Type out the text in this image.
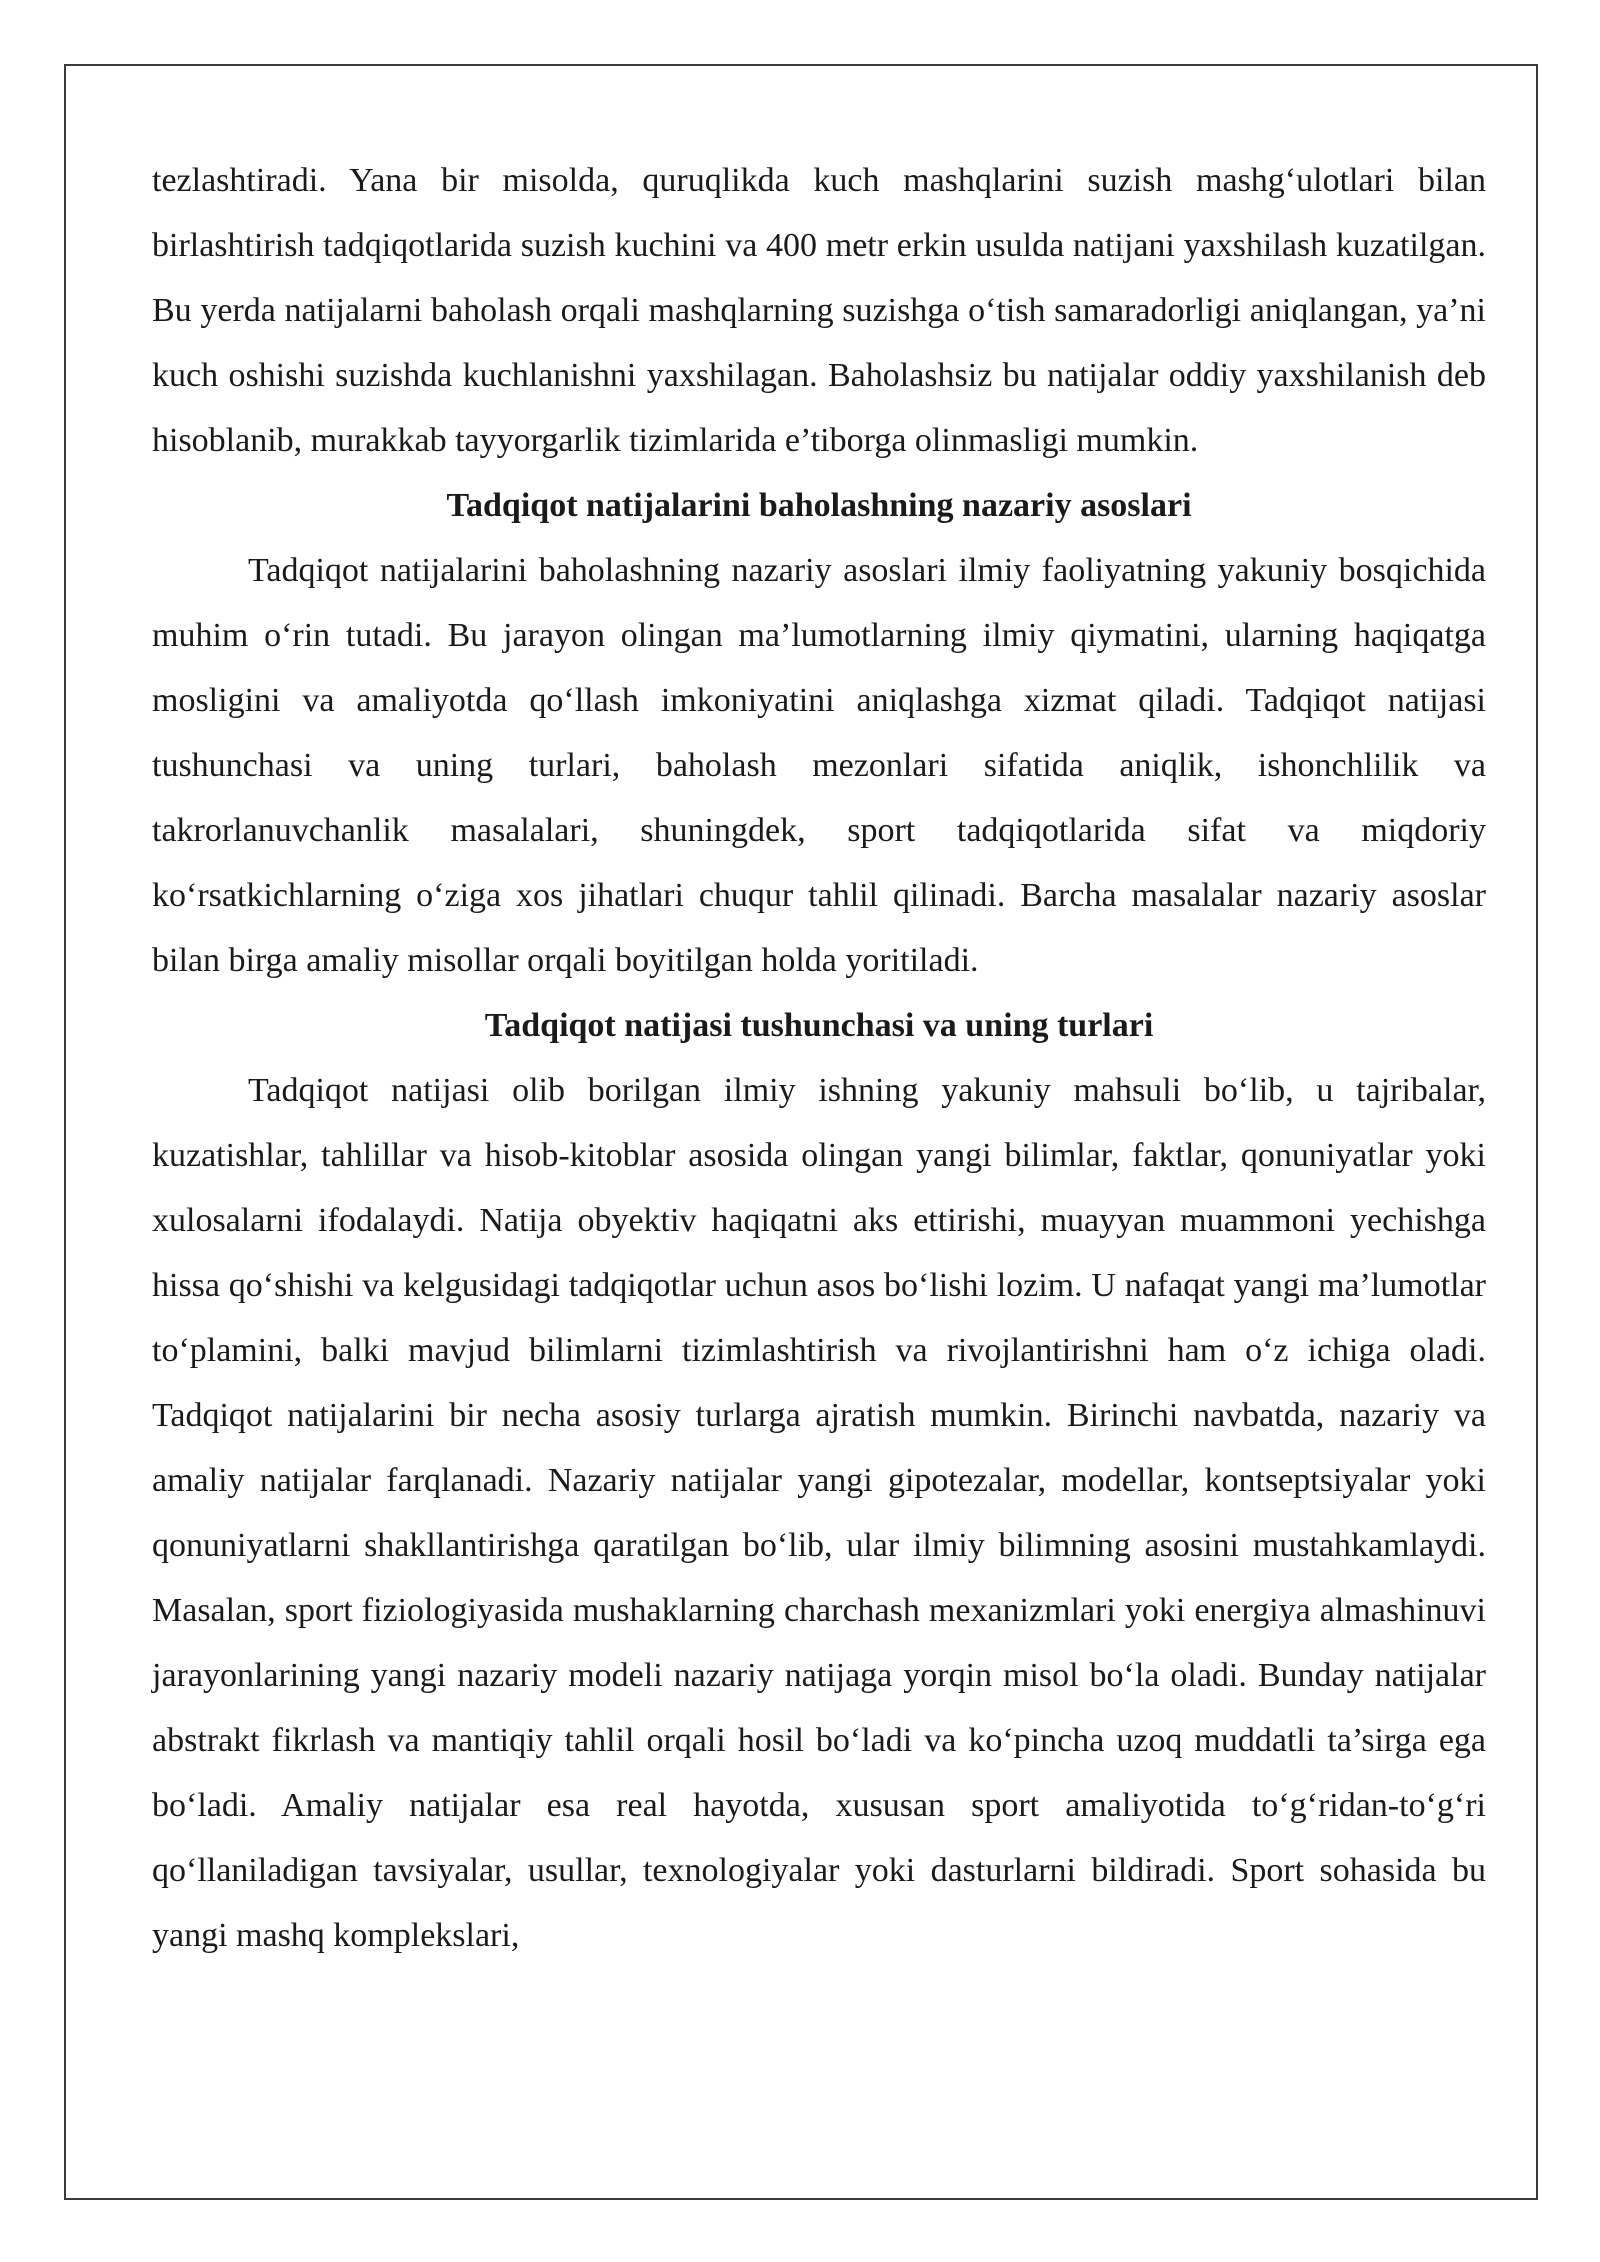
tezlashtiradi. Yana bir misolda, quruqlikda kuch mashqlarini suzish mashg‘ulotlari bilan birlashtirish tadqiqotlarida suzish kuchini va 400 metr erkin usulda natijani yaxshilash kuzatilgan. Bu yerda natijalarni baholash orqali mashqlarning suzishga o‘tish samaradorligi aniqlangan, ya’ni kuch oshishi suzishda kuchlanishni yaxshilagan. Baholashsiz bu natijalar oddiy yaxshilanish deb hisoblanib, murakkab tayyorgarlik tizimlarida e’tiborga olinmasligi mumkin.

Tadqiqot natijalarini baholashning nazariy asoslari

Tadqiqot natijalarini baholashning nazariy asoslari ilmiy faoliyatning yakuniy bosqichida muhim o‘rin tutadi. Bu jarayon olingan ma’lumotlarning ilmiy qiymatini, ularning haqiqatga mosligini va amaliyotda qo‘llash imkoniyatini aniqlashga xizmat qiladi. Tadqiqot natijasi tushunchasi va uning turlari, baholash mezonlari sifatida aniqlik, ishonchlilik va takrorlanuvchanlik masalalari, shuningdek, sport tadqiqotlarida sifat va miqdoriy ko‘rsatkichlarning o‘ziga xos jihatlari chuqur tahlil qilinadi. Barcha masalalar nazariy asoslar bilan birga amaliy misollar orqali boyitilgan holda yoritiladi.

Tadqiqot natijasi tushunchasi va uning turlari

Tadqiqot natijasi olib borilgan ilmiy ishning yakuniy mahsuli bo‘lib, u tajribalar, kuzatishlar, tahlillar va hisob-kitoblar asosida olingan yangi bilimlar, faktlar, qonuniyatlar yoki xulosalarni ifodalaydi. Natija obyektiv haqiqatni aks ettirishi, muayyan muammoni yechishga hissa qo‘shishi va kelgusidagi tadqiqotlar uchun asos bo‘lishi lozim. U nafaqat yangi ma’lumotlar to‘plamini, balki mavjud bilimlarni tizimlashtirish va rivojlantirishni ham o‘z ichiga oladi. Tadqiqot natijalarini bir necha asosiy turlarga ajratish mumkin. Birinchi navbatda, nazariy va amaliy natijalar farqlanadi. Nazariy natijalar yangi gipotezalar, modellar, kontseptsiyalar yoki qonuniyatlarni shakllantirishga qaratilgan bo‘lib, ular ilmiy bilimning asosini mustahkamlaydi. Masalan, sport fiziologiyasida mushaklarning charchash mexanizmlari yoki energiya almashinuvi jarayonlarining yangi nazariy modeli nazariy natijaga yorqin misol bo‘la oladi. Bunday natijalar abstrakt fikrlash va mantiqiy tahlil orqali hosil bo‘ladi va ko‘pincha uzoq muddatli ta’sirga ega bo‘ladi. Amaliy natijalar esa real hayotda, xususan sport amaliyotida to‘g‘ridan-to‘g‘ri qo‘llaniladigan tavsiyalar, usullar, texnologiyalar yoki dasturlarni bildiradi. Sport sohasida bu yangi mashq komplekslari,
